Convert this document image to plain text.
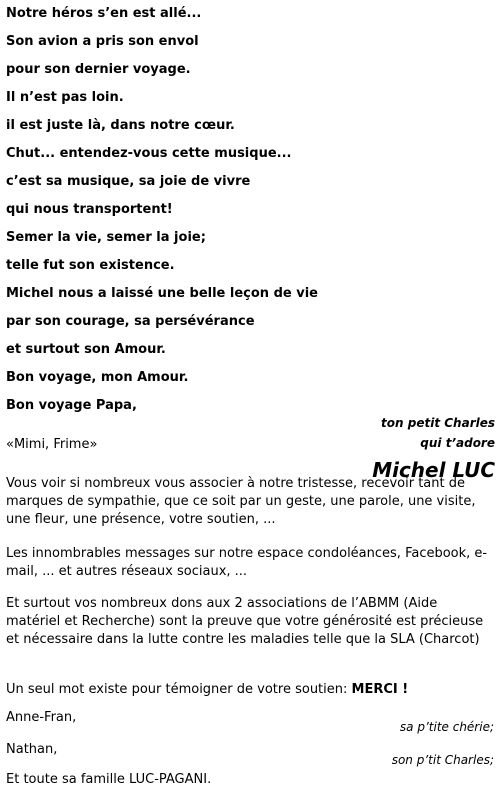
Notre héros s’en est allé...
Son avion a pris son envol
pour son dernier voyage.
Il n’est pas loin.
il est juste là, dans notre cœur.
Chut... entendez-vous cette musique...
c’est sa musique, sa joie de vivre
qui nous transportent!
Semer la vie, semer la joie;
telle fut son existence.
Michel nous a laissé une belle leçon de vie
par son courage, sa persévérance
et surtout son Amour.
Bon voyage, mon Amour.
Bon voyage Papa,
ton petit Charles
qui t’adore
«Mimi, Frime»
Michel LUC
Vous voir si nombreux vous associer à notre tristesse, recevoir tant de marques de sympathie, que ce soit par un geste, une parole, une visite, une fleur, une présence, votre soutien, ...
Les innombrables messages sur notre espace condoléances, Facebook, e-mail, ... et autres réseaux sociaux, ...
Et surtout vos nombreux dons aux 2 associations de l’ABMM (Aide matériel et Recherche) sont la preuve que votre générosité est précieuse et nécessaire dans la lutte contre les maladies telle que la SLA (Charcot)
Un seul mot existe pour témoigner de votre soutien: MERCI !
Anne-Fran,
sa p’tite chérie;
Nathan,
son p’tit Charles;
Et toute sa famille LUC-PAGANI.
